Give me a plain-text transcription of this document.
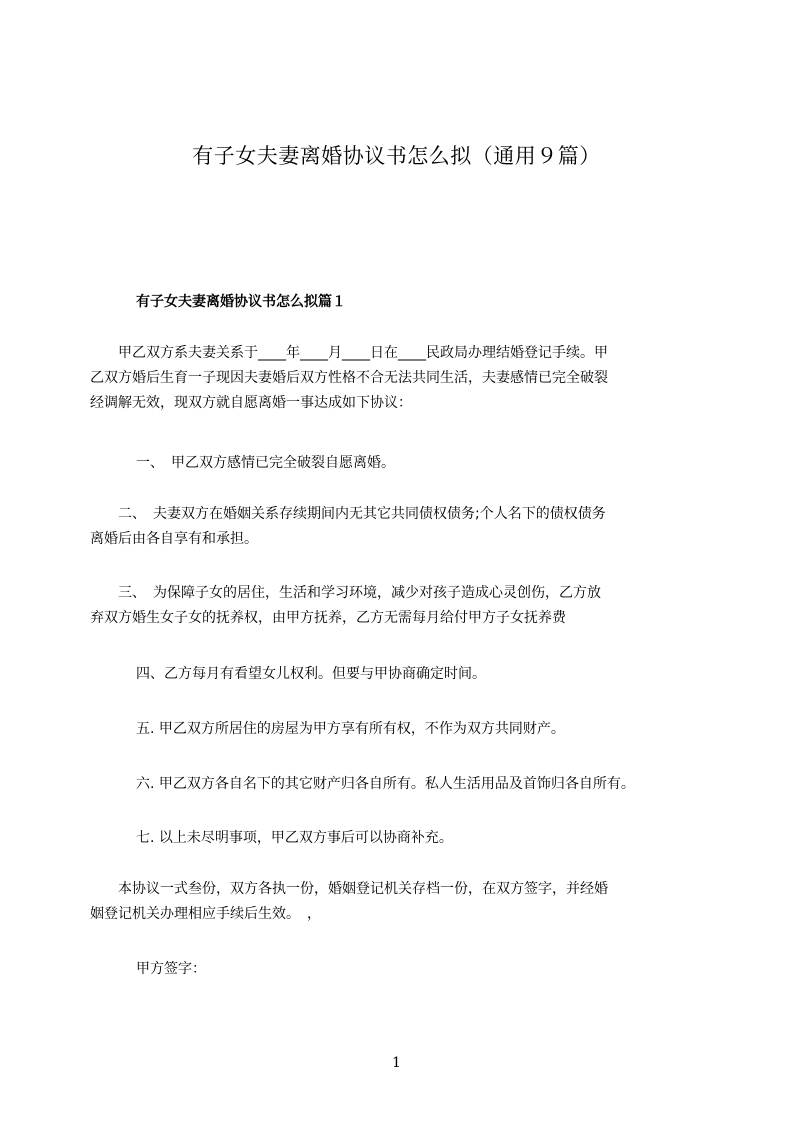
有子女夫妻离婚协议书怎么拟（通用９篇）
有子女夫妻离婚协议书怎么拟篇１

　　甲乙双方系夫妻关系于____年____月____日在____民政局办理结婚登记手续。甲
乙双方婚后生育一子现因夫妻婚后双方性格不合无法共同生活，夫妻感情已完全破裂
经调解无效，现双方就自愿离婚一事达成如下协议：

一、　甲乙双方感情已完全破裂自愿离婚。

　　二、　夫妻双方在婚姻关系存续期间内无其它共同债权债务;个人名下的债权债务
离婚后由各自享有和承担。

　　三、　为保障子女的居住，生活和学习环境，减少对孩子造成心灵创伤，乙方放
弃双方婚生女子女的抚养权，由甲方抚养，乙方无需每月给付甲方子女抚养费

四、乙方每月有看望女儿权利。但要与甲协商确定时间。

五. 甲乙双方所居住的房屋为甲方享有所有权，不作为双方共同财产。

六. 甲乙双方各自名下的其它财产归各自所有。私人生活用品及首饰归各自所有。

七. 以上未尽明事项，甲乙双方事后可以协商补充。

　　本协议一式叁份，双方各执一份，婚姻登记机关存档一份，在双方签字，并经婚
姻登记机关办理相应手续后生效。　，

甲方签字：

1
